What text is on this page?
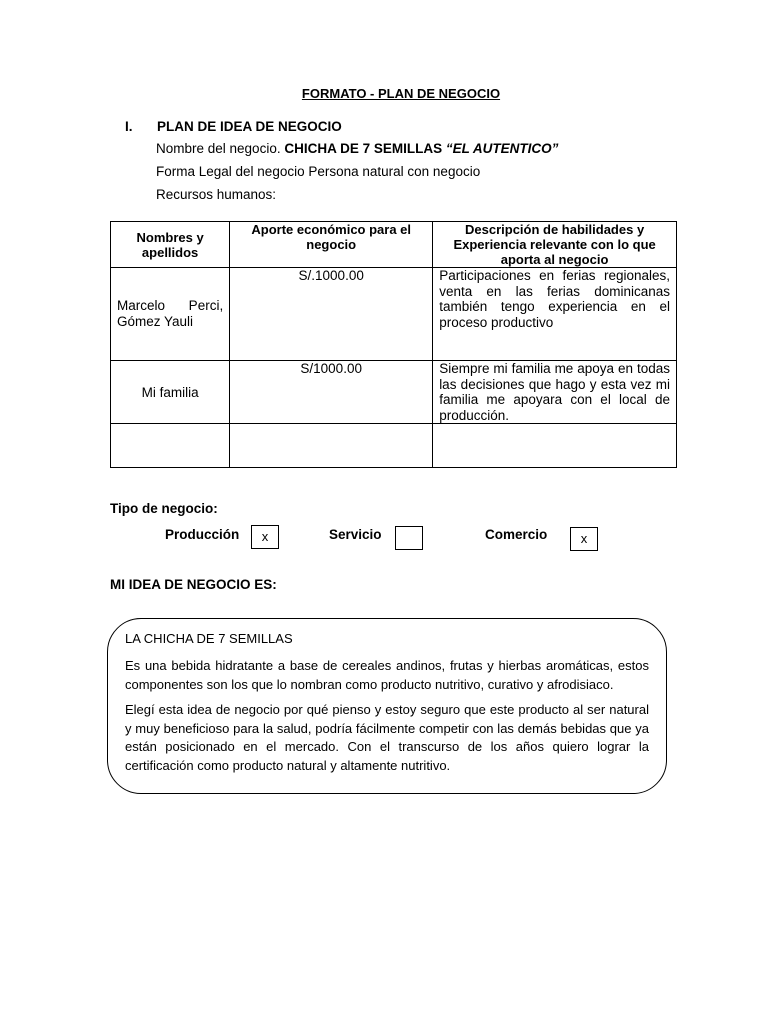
FORMATO - PLAN DE NEGOCIO
I. PLAN DE IDEA DE NEGOCIO
Nombre del negocio. CHICHA DE 7 SEMILLAS “EL AUTENTICO”
Forma Legal del negocio Persona natural con negocio
Recursos humanos:
Nombres y apellidos	Aporte económico para el negocio	Descripción de habilidades y Experiencia relevante con lo que aporta al negocio
Marcelo Perci, Gómez Yauli	S/.1000.00	Participaciones en ferias regionales, venta en las ferias dominicanas también tengo experiencia en el proceso productivo
Mi familia	S/1000.00	Siempre mi familia me apoya en todas las decisiones que hago y esta vez mi familia me apoyara con el local de producción.

Tipo de negocio:
Producción	x	Servicio	Comercio	x
MI IDEA DE NEGOCIO ES:
LA CHICHA DE 7 SEMILLAS
Es una bebida hidratante a base de cereales andinos, frutas y hierbas aromáticas, estos componentes son los que lo nombran como producto nutritivo, curativo y afrodisiaco.
Elegí esta idea de negocio por qué pienso y estoy seguro que este producto al ser natural y muy beneficioso para la salud, podría fácilmente competir con las demás bebidas que ya están posicionado en el mercado. Con el transcurso de los años quiero lograr la certificación como producto natural y altamente nutritivo.
